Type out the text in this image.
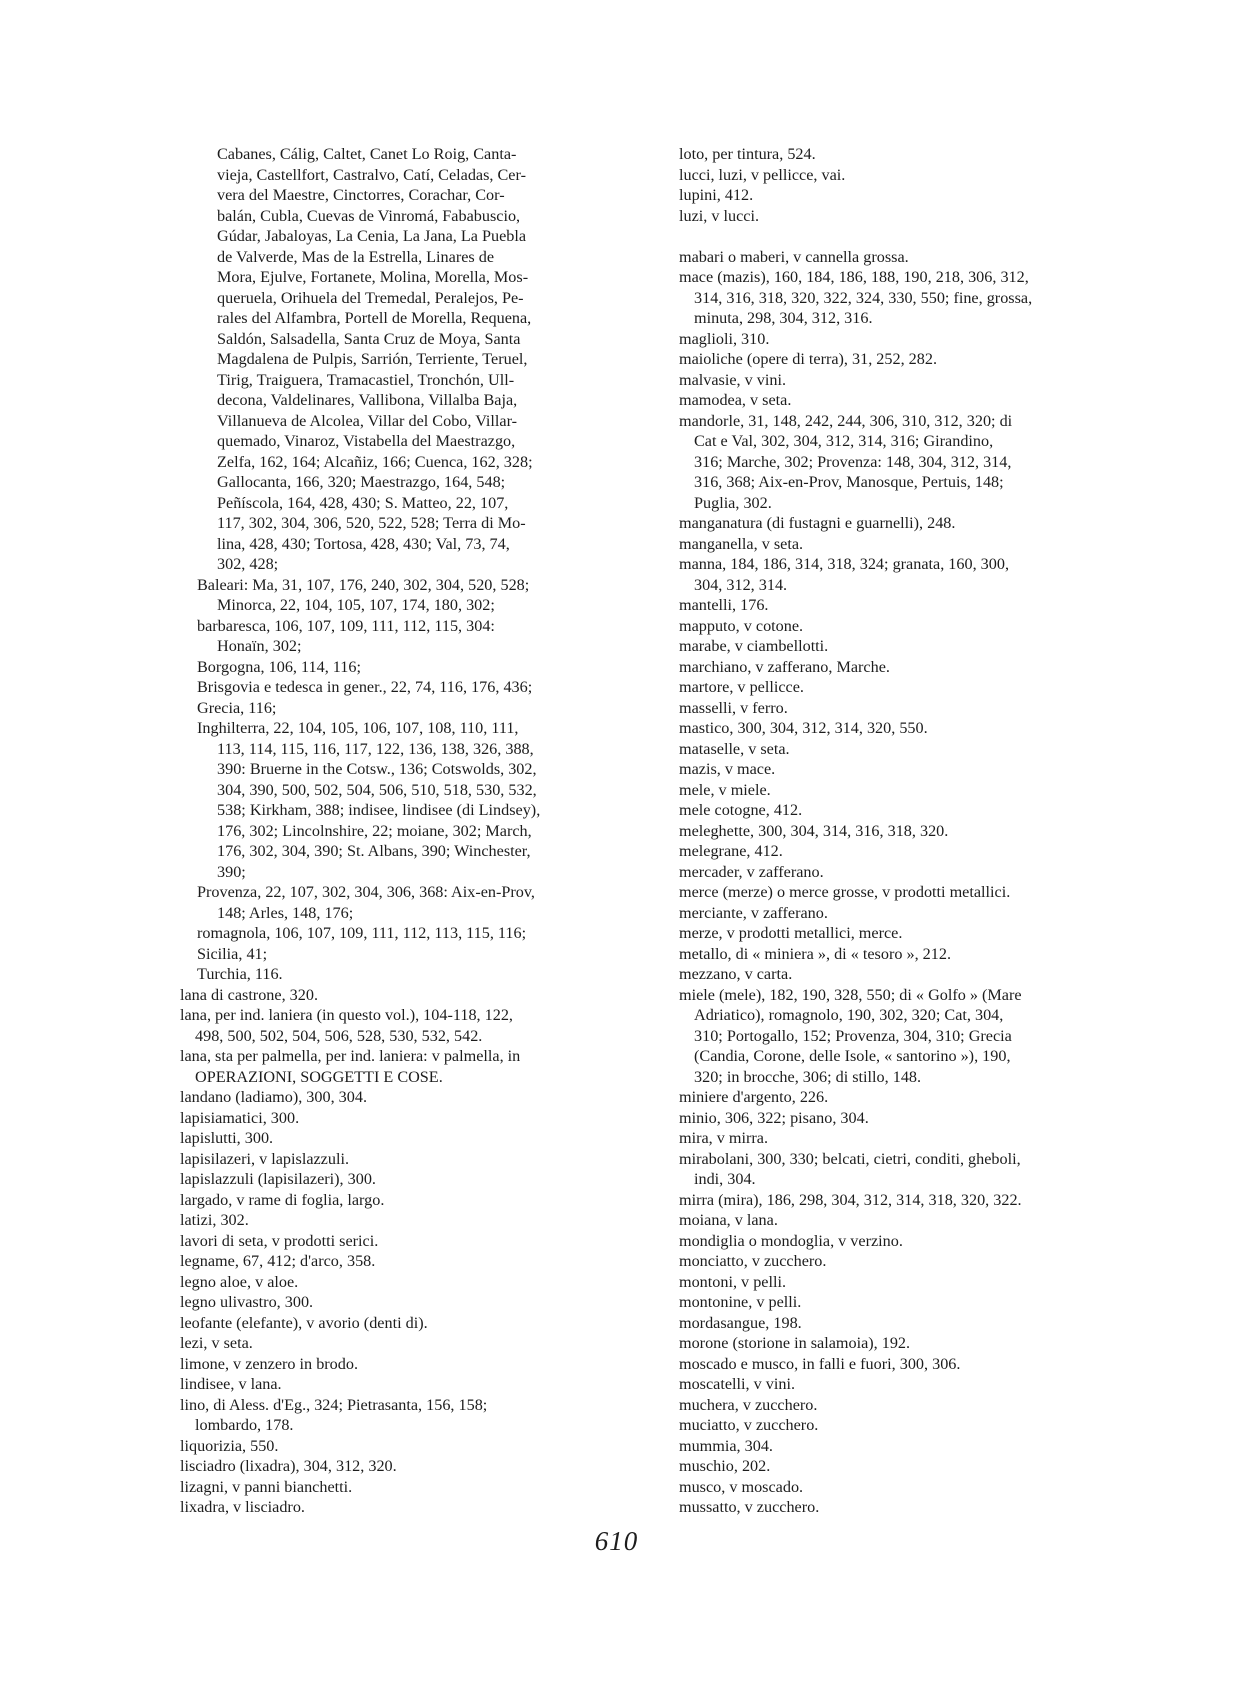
Cabanes, Cálig, Caltet, Canet Lo Roig, Canta-
vieja, Castellfort, Castralvo, Catí, Celadas, Cer-
vera del Maestre, Cinctorres, Corachar, Cor-
balán, Cubla, Cuevas de Vinromá, Fababuscio,
Gúdar, Jabaloyas, La Cenia, La Jana, La Puebla
de Valverde, Mas de la Estrella, Linares de
Mora, Ejulve, Fortanete, Molina, Morella, Mos-
queruela, Orihuela del Tremedal, Peralejos, Pe-
rales del Alfambra, Portell de Morella, Requena,
Saldón, Salsadella, Santa Cruz de Moya, Santa
Magdalena de Pulpis, Sarrión, Terriente, Teruel,
Tirig, Traiguera, Tramacastiel, Tronchón, Ull-
decona, Valdelinares, Vallibona, Villalba Baja,
Villanueva de Alcolea, Villar del Cobo, Villar-
quemado, Vinaroz, Vistabella del Maestrazgo,
Zelfa, 162, 164; Alcañiz, 166; Cuenca, 162, 328;
Gallocanta, 166, 320; Maestrazgo, 164, 548;
Peñíscola, 164, 428, 430; S. Matteo, 22, 107,
117, 302, 304, 306, 520, 522, 528; Terra di Mo-
lina, 428, 430; Tortosa, 428, 430; Val, 73, 74,
302, 428;
Baleari: Ma, 31, 107, 176, 240, 302, 304, 520, 528;
Minorca, 22, 104, 105, 107, 174, 180, 302;
barbaresca, 106, 107, 109, 111, 112, 115, 304:
Honaïn, 302;
Borgogna, 106, 114, 116;
Brisgovia e tedesca in gener., 22, 74, 116, 176, 436;
Grecia, 116;
Inghilterra, 22, 104, 105, 106, 107, 108, 110, 111,
113, 114, 115, 116, 117, 122, 136, 138, 326, 388,
390: Bruerne in the Cotsw., 136; Cotswolds, 302,
304, 390, 500, 502, 504, 506, 510, 518, 530, 532,
538; Kirkham, 388; indisee, lindisee (di Lindsey),
176, 302; Lincolnshire, 22; moiane, 302; March,
176, 302, 304, 390; St. Albans, 390; Winchester,
390;
Provenza, 22, 107, 302, 304, 306, 368: Aix-en-Prov,
148; Arles, 148, 176;
romagnola, 106, 107, 109, 111, 112, 113, 115, 116;
Sicilia, 41;
Turchia, 116.
lana di castrone, 320.
lana, per ind. laniera (in questo vol.), 104-118, 122,
498, 500, 502, 504, 506, 528, 530, 532, 542.
lana, sta per palmella, per ind. laniera: v palmella, in
OPERAZIONI, SOGGETTI E COSE.
landano (ladiamo), 300, 304.
lapisiamatici, 300.
lapislutti, 300.
lapisilazeri, v lapislazzuli.
lapislazzuli (lapisilazeri), 300.
largado, v rame di foglia, largo.
latizi, 302.
lavori di seta, v prodotti serici.
legname, 67, 412; d'arco, 358.
legno aloe, v aloe.
legno ulivastro, 300.
leofante (elefante), v avorio (denti di).
lezi, v seta.
limone, v zenzero in brodo.
lindisee, v lana.
lino, di Aless. d'Eg., 324; Pietrasanta, 156, 158;
lombardo, 178.
liquorizia, 550.
lisciadro (lixadra), 304, 312, 320.
lizagni, v panni bianchetti.
lixadra, v lisciadro.
loto, per tintura, 524.
lucci, luzi, v pellicce, vai.
lupini, 412.
luzi, v lucci.
mabari o maberi, v cannella grossa.
mace (mazis), 160, 184, 186, 188, 190, 218, 306, 312,
314, 316, 318, 320, 322, 324, 330, 550; fine, grossa,
minuta, 298, 304, 312, 316.
maglioli, 310.
maioliche (opere di terra), 31, 252, 282.
malvasie, v vini.
mamodea, v seta.
mandorle, 31, 148, 242, 244, 306, 310, 312, 320; di
Cat e Val, 302, 304, 312, 314, 316; Girandino,
316; Marche, 302; Provenza: 148, 304, 312, 314,
316, 368; Aix-en-Prov, Manosque, Pertuis, 148;
Puglia, 302.
manganatura (di fustagni e guarnelli), 248.
manganella, v seta.
manna, 184, 186, 314, 318, 324; granata, 160, 300,
304, 312, 314.
mantelli, 176.
mapputo, v cotone.
marabe, v ciambellotti.
marchiano, v zafferano, Marche.
martore, v pellicce.
masselli, v ferro.
mastico, 300, 304, 312, 314, 320, 550.
mataselle, v seta.
mazis, v mace.
mele, v miele.
mele cotogne, 412.
meleghette, 300, 304, 314, 316, 318, 320.
melegrane, 412.
mercader, v zafferano.
merce (merze) o merce grosse, v prodotti metallici.
merciante, v zafferano.
merze, v prodotti metallici, merce.
metallo, di « miniera », di « tesoro », 212.
mezzano, v carta.
miele (mele), 182, 190, 328, 550; di « Golfo » (Mare
Adriatico), romagnolo, 190, 302, 320; Cat, 304,
310; Portogallo, 152; Provenza, 304, 310; Grecia
(Candia, Corone, delle Isole, « santorino »), 190,
320; in brocche, 306; di stillo, 148.
miniere d'argento, 226.
minio, 306, 322; pisano, 304.
mira, v mirra.
mirabolani, 300, 330; belcati, cietri, conditi, gheboli,
indi, 304.
mirra (mira), 186, 298, 304, 312, 314, 318, 320, 322.
moiana, v lana.
mondiglia o mondoglia, v verzino.
monciatto, v zucchero.
montoni, v pelli.
montonine, v pelli.
mordasangue, 198.
morone (storione in salamoia), 192.
moscado e musco, in falli e fuori, 300, 306.
moscatelli, v vini.
muchera, v zucchero.
muciatto, v zucchero.
mummia, 304.
muschio, 202.
musco, v moscado.
mussatto, v zucchero.
610
